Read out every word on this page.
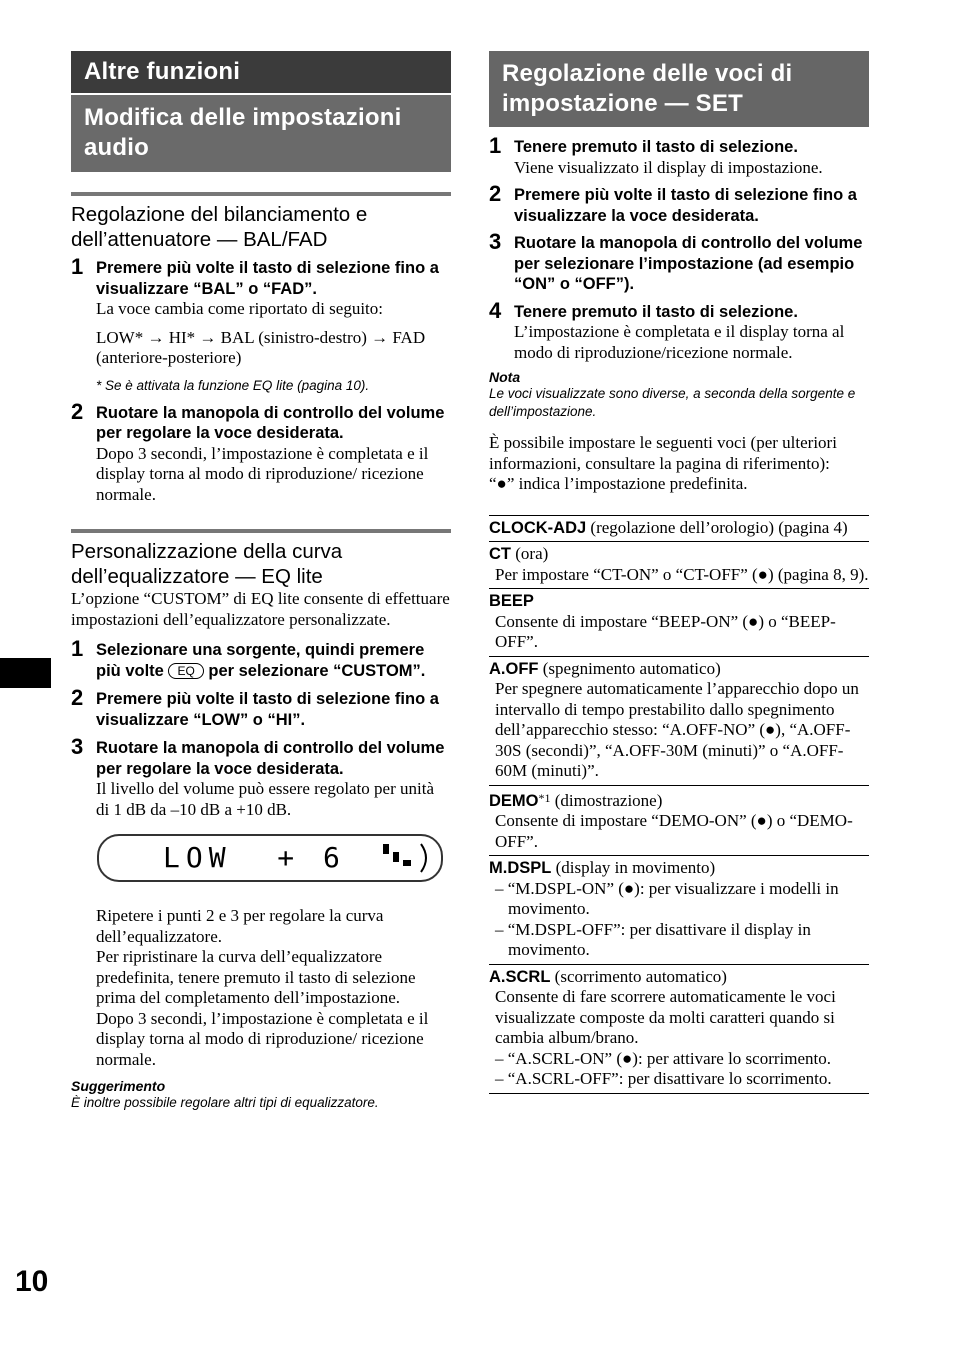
Altre funzioni
Modifica delle impostazioni audio
Regolazione del bilanciamento e dell’attenuatore — BAL/FAD
1 Premere più volte il tasto di selezione fino a visualizzare “BAL” o “FAD”.
La voce cambia come riportato di seguito:
LOW* → HI* → BAL (sinistro-destro) → FAD (anteriore-posteriore)
* Se è attivata la funzione EQ lite (pagina 10).
2 Ruotare la manopola di controllo del volume per regolare la voce desiderata.
Dopo 3 secondi, l’impostazione è completata e il display torna al modo di riproduzione/ ricezione normale.
Personalizzazione della curva dell’equalizzatore — EQ lite
L’opzione “CUSTOM” di EQ lite consente di effettuare impostazioni dell’equalizzatore personalizzate.
1 Selezionare una sorgente, quindi premere più volte EQ per selezionare “CUSTOM”.
2 Premere più volte il tasto di selezione fino a visualizzare “LOW” o “HI”.
3 Ruotare la manopola di controllo del volume per regolare la voce desiderata.
Il livello del volume può essere regolato per unità di 1 dB da –10 dB a +10 dB.
LOW  + 6
Ripetere i punti 2 e 3 per regolare la curva dell’equalizzatore.
Per ripristinare la curva dell’equalizzatore predefinita, tenere premuto il tasto di selezione prima del completamento dell’impostazione.
Dopo 3 secondi, l’impostazione è completata e il display torna al modo di riproduzione/ ricezione normale.
Suggerimento
È inoltre possibile regolare altri tipi di equalizzatore.
10
Regolazione delle voci di impostazione — SET
1 Tenere premuto il tasto di selezione.
Viene visualizzato il display di impostazione.
2 Premere più volte il tasto di selezione fino a visualizzare la voce desiderata.
3 Ruotare la manopola di controllo del volume per selezionare l’impostazione (ad esempio “ON” o “OFF”).
4 Tenere premuto il tasto di selezione.
L’impostazione è completata e il display torna al modo di riproduzione/ricezione normale.
Nota
Le voci visualizzate sono diverse, a seconda della sorgente e dell’impostazione.
È possibile impostare le seguenti voci (per ulteriori informazioni, consultare la pagina di riferimento):
“●” indica l’impostazione predefinita.
CLOCK-ADJ (regolazione dell’orologio) (pagina 4)

CT (ora)
Per impostare “CT-ON” o “CT-OFF” (●) (pagina 8, 9).

BEEP
Consente di impostare “BEEP-ON” (●) o “BEEP-OFF”.

A.OFF (spegnimento automatico)
Per spegnere automaticamente l’apparecchio dopo un intervallo di tempo prestabilito dallo spegnimento dell’apparecchio stesso: “A.OFF-NO” (●), “A.OFF-30S (secondi)”, “A.OFF-30M (minuti)” o “A.OFF-60M (minuti)”.

DEMO$^{*1}$ (dimostrazione)
Consente di impostare “DEMO-ON” (●) o “DEMO-OFF”.

M.DSPL (display in movimento)
– “M.DSPL-ON” (●): per visualizzare i modelli in movimento.
– “M.DSPL-OFF”: per disattivare il display in movimento.

A.SCRL (scorrimento automatico)
Consente di fare scorrere automaticamente le voci visualizzate composte da molti caratteri quando si cambia album/brano.
– “A.SCRL-ON” (●): per attivare lo scorrimento.
– “A.SCRL-OFF”: per disattivare lo scorrimento.
